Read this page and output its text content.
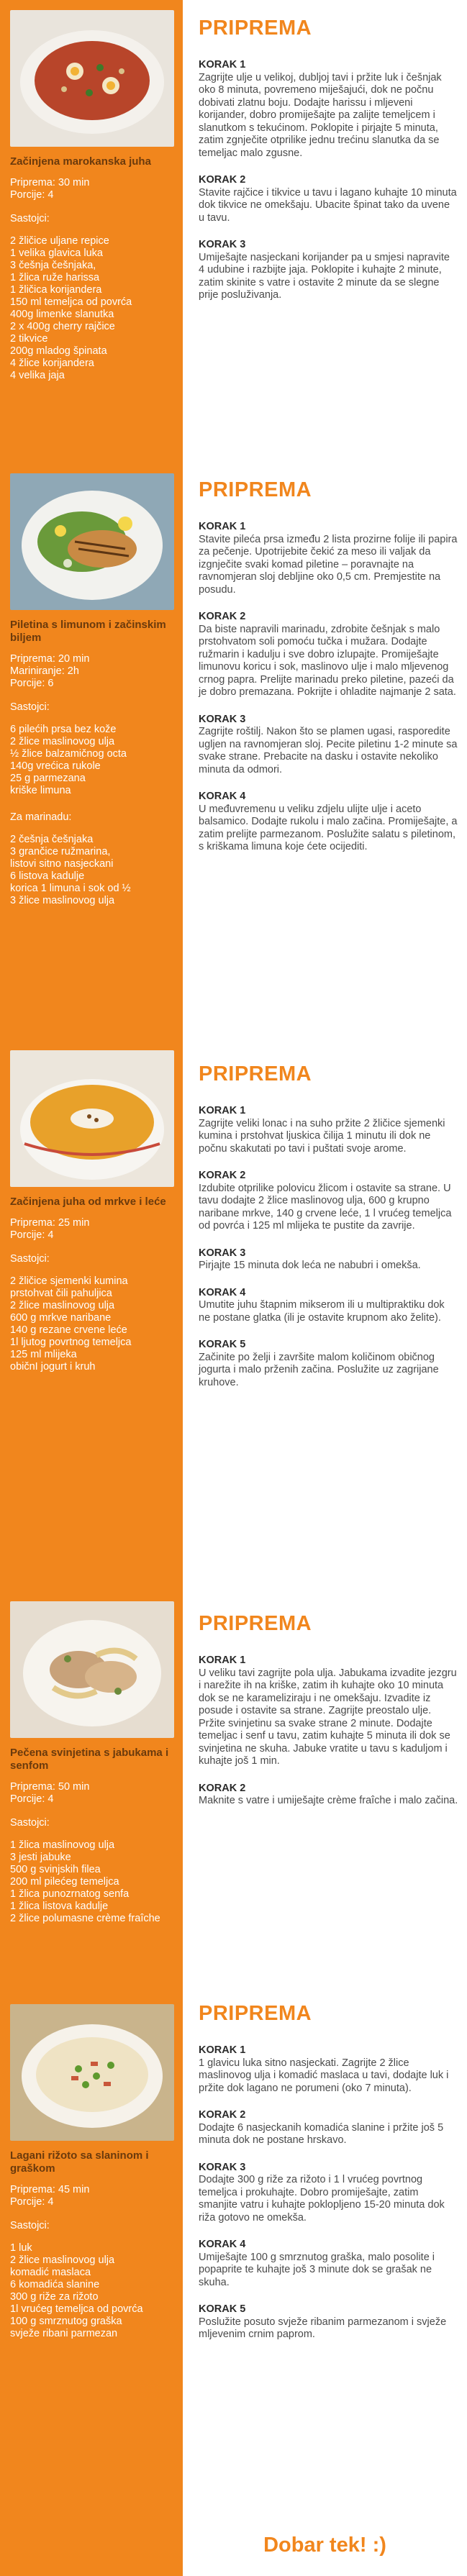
Začinjena marokanska juha

Priprema: 30 min
Porcije: 4

Sastojci:

2 žličice uljane repice
1 velika glavica luka
3 češnja češnjaka,
1 žlica ruže harissa
1 žličica korijandera
150 ml temeljca od povrća
400g limenke slanutka
2 x 400g cherry rajčice
2 tikvice
200g mladog špinata
4 žlice korijandera
4 velika jaja
PRIPREMA

KORAK 1

Zagrijte ulje u velikoj, dubljoj tavi i pržite luk i češnjak oko 8 minuta, povremeno miješajući, dok ne počnu dobivati zlatnu boju. Dodajte harissu i mljeveni korijander, dobro promiješajte pa zalijte temeljcem i slanutkom s tekućinom. Poklopite i pirjajte 5 minuta, zatim zgnječite otprilike jednu trećinu slanutka da se temeljac malo zgusne.

KORAK 2

Stavite rajčice i tikvice u tavu i lagano kuhajte 10 minuta dok tikvice ne omekšaju. Ubacite špinat tako da uvene u tavu.

KORAK 3

Umiješajte nasjeckani korijander pa u smjesi napravite 4 udubine i razbijte jaja. Poklopite i kuhajte 2 minute, zatim skinite s vatre i ostavite 2 minute da se slegne prije posluživanja.

Piletina s limunom i začinskim biljem

Priprema: 20 min
Mariniranje: 2h
Porcije: 6

Sastojci:

6 pilećih prsa bez kože
2 žlice maslinovog ulja
½ žlice balzamičnog octa
140g vrećica rukole
25 g parmezana
kriške limuna

Za marinadu:

2 češnja češnjaka
3 grančice ružmarina,
listovi sitno nasjeckani
6 listova kadulje
korica 1 limuna i sok od ½
3 žlice maslinovog ulja
PRIPREMA

KORAK 1

Stavite pileća prsa između 2 lista prozirne folije ili papira za pečenje. Upotrijebite čekić za meso ili valjak da izgnječite svaki komad piletine – poravnajte na ravnomjeran sloj debljine oko 0,5 cm. Premjestite na posudu.

KORAK 2

Da biste napravili marinadu, zdrobite češnjak s malo prstohvatom soli pomoću tučka i mužara. Dodajte ružmarin i kadulju i sve dobro izlupajte. Promiješajte limunovu koricu i sok, maslinovo ulje i malo mljevenog crnog papra. Prelijte marinadu preko piletine, pazeći da je dobro premazana. Pokrijte i ohladite najmanje 2 sata.

KORAK 3

Zagrijte roštilj. Nakon što se plamen ugasi, rasporedite ugljen na ravnomjeran sloj. Pecite piletinu 1-2 minute sa svake strane. Prebacite na dasku i ostavite nekoliko minuta da odmori.

KORAK 4

U međuvremenu u veliku zdjelu ulijte ulje i aceto balsamico. Dodajte rukolu i malo začina. Promiješajte, a zatim prelijte parmezanom. Poslužite salatu s piletinom, s kriškama limuna koje ćete ocijediti.

Začinjena juha od mrkve i leće

Priprema: 25 min
Porcije: 4

Sastojci:

2 žličice sjemenki kumina
prstohvat čili pahuljica
2 žlice maslinovog ulja
600 g mrkve naribane
140 g rezane crvene leće
1l ljutog povrtnog temeljca
125 ml mlijeka
običnI jogurt i kruh
PRIPREMA

KORAK 1

Zagrijte veliki lonac i na suho pržite 2 žličice sjemenki kumina i prstohvat ljuskica čilija 1 minutu ili dok ne počnu skakutati po tavi i puštati svoje arome.

KORAK 2

Izdubite otprilike polovicu žlicom i ostavite sa strane. U tavu dodajte 2 žlice maslinovog ulja, 600 g krupno naribane mrkve, 140 g crvene leće, 1 l vrućeg temeljca od povrća i 125 ml mlijeka te pustite da zavrije.

KORAK 3

Pirjajte 15 minuta dok leća ne nabubri i omekša.

KORAK 4

Umutite juhu štapnim mikserom ili u multipraktiku dok ne postane glatka (ili je ostavite krupnom ako želite).

KORAK 5

Začinite po želji i završite malom količinom običnog jogurta i malo prženih začina. Poslužite uz zagrijane kruhove.

Pečena svinjetina s jabukama i senfom

Priprema: 50 min
Porcije: 4

Sastojci:

1 žlica maslinovog ulja
3 jesti jabuke
500 g svinjskih filea
200 ml pilećeg temeljca
1 žlica punozrnatog senfa
1 žlica listova kadulje
2 žlice polumasne crème fraîche
PRIPREMA

KORAK 1

U veliku tavi zagrijte pola ulja. Jabukama izvadite jezgru i narežite ih na kriške, zatim ih kuhajte oko 10 minuta dok se ne karameliziraju i ne omekšaju. Izvadite iz posude i ostavite sa strane. Zagrijte preostalo ulje. Pržite svinjetinu sa svake strane 2 minute. Dodajte temeljac i senf u tavu, zatim kuhajte 5 minuta ili dok se svinjetina ne skuha. Jabuke vratite u tavu s kaduljom i kuhajte još 1 min.

KORAK 2

Maknite s vatre i umiješajte crème fraîche i malo začina.

Lagani rižoto sa slaninom i graškom

Priprema: 45 min
Porcije: 4

Sastojci:

1 luk
2 žlice maslinovog ulja
komadić maslaca
6 komadića slanine
300 g riže za rižoto
1l vrućeg temeljca od povrća
100 g smrznutog graška
svježe ribani parmezan
PRIPREMA

KORAK 1

1 glavicu luka sitno nasjeckati. Zagrijte 2 žlice maslinovog ulja i komadić maslaca u tavi, dodajte luk i pržite dok lagano ne porumeni (oko 7 minuta).

KORAK 2

Dodajte 6 nasjeckanih komadića slanine i pržite još 5 minuta dok ne postane hrskavo.

KORAK 3

Dodajte 300 g riže za rižoto i 1 l vrućeg povrtnog temeljca i prokuhajte. Dobro promiješajte, zatim smanjite vatru i kuhajte poklopljeno 15-20 minuta dok riža gotovo ne omekša.

KORAK 4

Umiješajte 100 g smrznutog graška, malo posolite i popaprite te kuhajte još 3 minute dok se grašak ne skuha.

KORAK 5

Poslužite posuto svježe ribanim parmezanom i svježe mljevenim crnim paprom.

Dobar tek! :)
